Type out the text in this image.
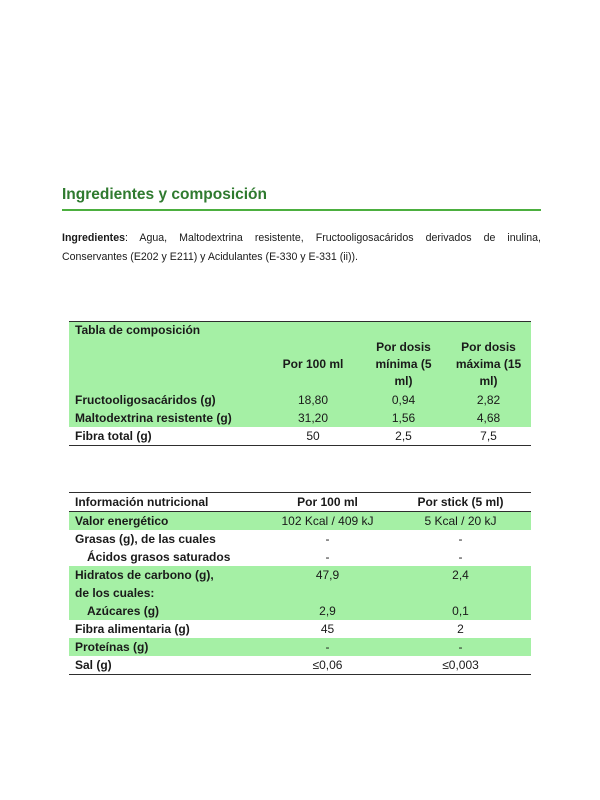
Ingredientes y composición
Ingredientes: Agua, Maltodextrina resistente, Fructooligosacáridos derivados de inulina, Conservantes (E202 y E211) y Acidulantes (E-330 y E-331 (ii)).
Tabla de composición			
	Por 100 ml	Por dosis mínima (5 ml)	Por dosis máxima (15 ml)
Fructooligosacáridos (g)	18,80	0,94	2,82
Maltodextrina resistente (g)	31,20	1,56	4,68
Fibra total (g)	50	2,5	7,5
Información nutricional	Por 100 ml	Por stick (5 ml)
Valor energético	102 Kcal / 409 kJ	5 Kcal / 20 kJ
Grasas (g), de las cuales	-	-
Ácidos grasos saturados	-	-
Hidratos de carbono (g),	47,9	2,4
de los cuales:		
Azúcares (g)	2,9	0,1
Fibra alimentaria (g)	45	2
Proteínas (g)	-	-
Sal (g)	≤0,06	≤0,003
